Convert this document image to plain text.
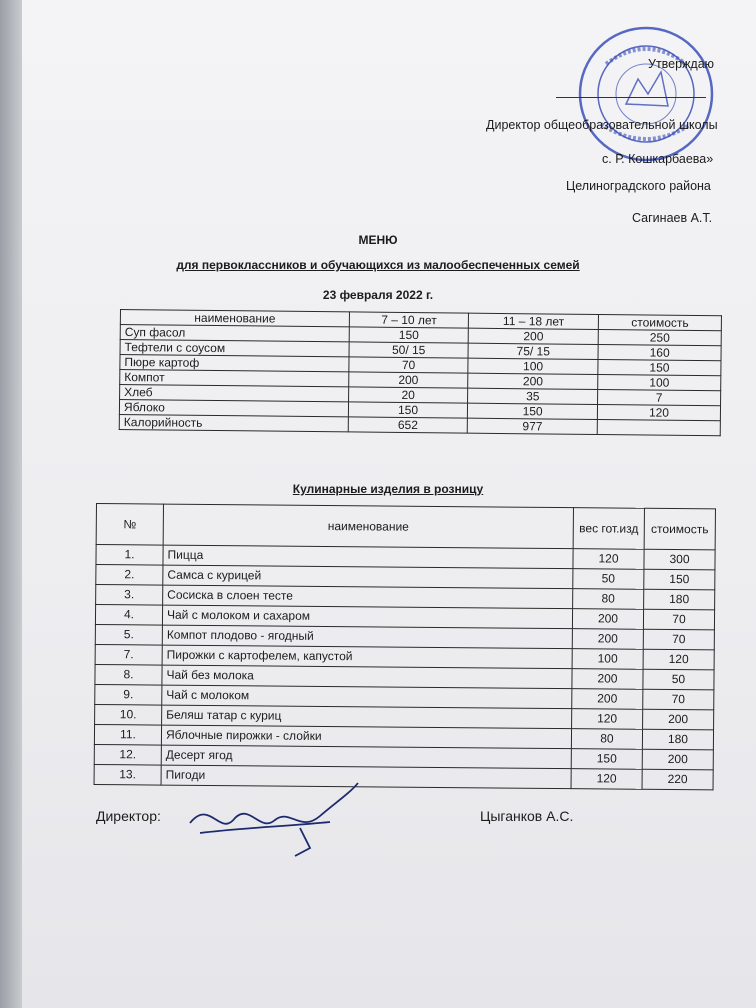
Утверждаю
Директор общеобразовательной школы
с. Р. Кошкарбаева»
Целиноградского района
Сагинаев А.Т.
МЕНЮ
для первоклассников и обучающихся из малообеспеченных семей
23 февраля 2022 г.
наименование	7 – 10 лет	11 – 18 лет	стоимость
Суп фасол	150	200	250
Тефтели с соусом	50/ 15	75/ 15	160
Пюре картоф	70	100	150
Компот	200	200	100
Хлеб	20	35	7
Яблоко	150	150	120
Калорийность	652	977	
Кулинарные изделия в розницу
№	наименование	вес гот.изд	стоимость
1.	Пицца	120	300
2.	Самса с курицей	50	150
3.	Сосиска в слоен тесте	80	180
4.	Чай с молоком и сахаром	200	70
5.	Компот плодово - ягодный	200	70
7.	Пирожки с картофелем, капустой	100	120
8.	Чай без молока	200	50
9.	Чай с молоком	200	70
10.	Беляш татар с куриц	120	200
11.	Яблочные пирожки - слойки	80	180
12.	Десерт ягод	150	200
13.	Пигоди	120	220
Директор:	Цыганков А.С.
